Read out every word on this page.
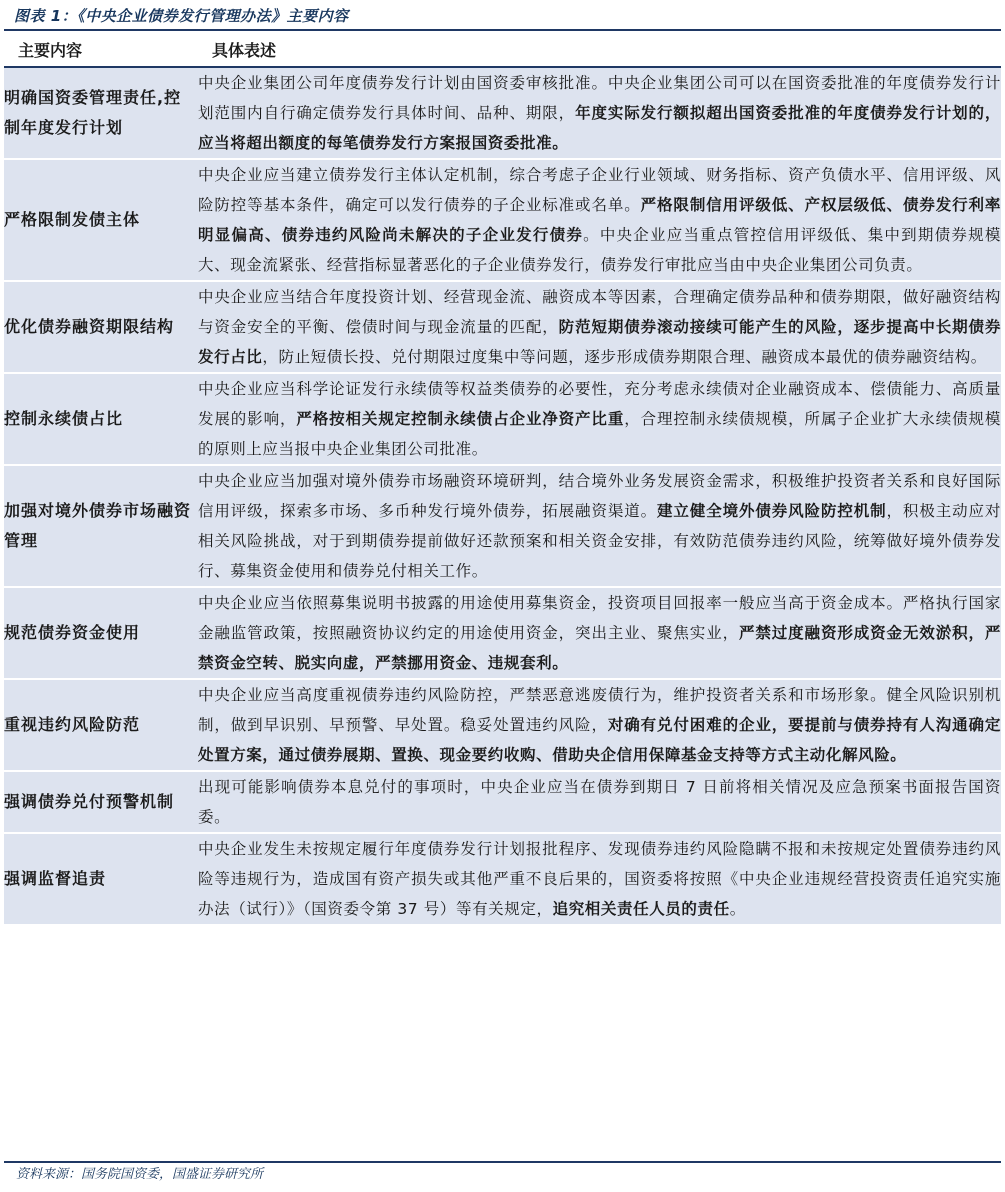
图表 1：《中央企业债券发行管理办法》主要内容
主要内容	具体表述
明确国资委管理责任,控制年度发行计划	中央企业集团公司年度债券发行计划由国资委审核批准。中央企业集团公司可以在国资委批准的年度债券发行计划范围内自行确定债券发行具体时间、品种、期限，年度实际发行额拟超出国资委批准的年度债券发行计划的，应当将超出额度的每笔债券发行方案报国资委批准。
严格限制发债主体	中央企业应当建立债券发行主体认定机制，综合考虑子企业行业领域、财务指标、资产负债水平、信用评级、风险防控等基本条件，确定可以发行债券的子企业标准或名单。严格限制信用评级低、产权层级低、债券发行利率明显偏高、债券违约风险尚未解决的子企业发行债券。中央企业应当重点管控信用评级低、集中到期债券规模大、现金流紧张、经营指标显著恶化的子企业债券发行，债券发行审批应当由中央企业集团公司负责。
优化债券融资期限结构	中央企业应当结合年度投资计划、经营现金流、融资成本等因素，合理确定债券品种和债券期限，做好融资结构与资金安全的平衡、偿债时间与现金流量的匹配，防范短期债券滚动接续可能产生的风险，逐步提高中长期债券发行占比，防止短债长投、兑付期限过度集中等问题，逐步形成债券期限合理、融资成本最优的债券融资结构。
控制永续债占比	中央企业应当科学论证发行永续债等权益类债券的必要性，充分考虑永续债对企业融资成本、偿债能力、高质量发展的影响，严格按相关规定控制永续债占企业净资产比重，合理控制永续债规模，所属子企业扩大永续债规模的原则上应当报中央企业集团公司批准。
加强对境外债券市场融资管理	中央企业应当加强对境外债券市场融资环境研判，结合境外业务发展资金需求，积极维护投资者关系和良好国际信用评级，探索多市场、多币种发行境外债券，拓展融资渠道。建立健全境外债券风险防控机制，积极主动应对相关风险挑战，对于到期债券提前做好还款预案和相关资金安排，有效防范债券违约风险，统筹做好境外债券发行、募集资金使用和债券兑付相关工作。
规范债券资金使用	中央企业应当依照募集说明书披露的用途使用募集资金，投资项目回报率一般应当高于资金成本。严格执行国家金融监管政策，按照融资协议约定的用途使用资金，突出主业、聚焦实业，严禁过度融资形成资金无效淤积，严禁资金空转、脱实向虚，严禁挪用资金、违规套利。
重视违约风险防范	中央企业应当高度重视债券违约风险防控，严禁恶意逃废债行为，维护投资者关系和市场形象。健全风险识别机制，做到早识别、早预警、早处置。稳妥处置违约风险，对确有兑付困难的企业，要提前与债券持有人沟通确定处置方案，通过债券展期、置换、现金要约收购、借助央企信用保障基金支持等方式主动化解风险。
强调债券兑付预警机制	出现可能影响债券本息兑付的事项时，中央企业应当在债券到期日 7 日前将相关情况及应急预案书面报告国资委。
强调监督追责	中央企业发生未按规定履行年度债券发行计划报批程序、发现债券违约风险隐瞒不报和未按规定处置债券违约风险等违规行为，造成国有资产损失或其他严重不良后果的，国资委将按照《中央企业违规经营投资责任追究实施办法（试行）》（国资委令第 37 号）等有关规定，追究相关责任人员的责任。
资料来源：国务院国资委，国盛证券研究所
